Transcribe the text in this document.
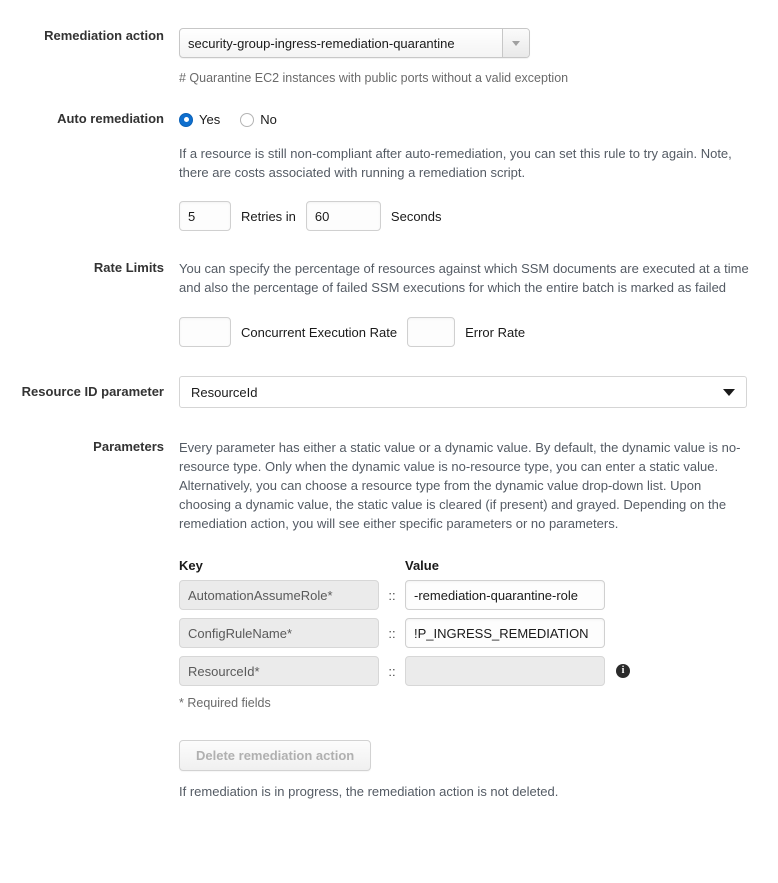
Remediation action	security-group-ingress-remediation-quarantine
# Quarantine EC2 instances with public ports without a valid exception
Auto remediation	Yes	No
If a resource is still non-compliant after auto-remediation, you can set this rule to try again. Note, there are costs associated with running a remediation script.
5	Retries in	60	Seconds
Rate Limits You can specify the percentage of resources against which SSM documents are executed at a time and also the percentage of failed SSM executions for which the entire batch is marked as failed
Concurrent Execution Rate	Error Rate
Resource ID parameter ResourceId
Parameters Every parameter has either a static value or a dynamic value. By default, the dynamic value is no-resource type. Only when the dynamic value is no-resource type, you can enter a static value. Alternatively, you can choose a resource type from the dynamic value drop-down list. Upon choosing a dynamic value, the static value is cleared (if present) and grayed. Depending on the remediation action, you will see either specific parameters or no parameters.
Key	Value
AutomationAssumeRole*	::	-remediation-quarantine-role
ConfigRuleName*	::	!P_INGRESS_REMEDIATION
ResourceId*	::	i
* Required fields
Delete remediation action
If remediation is in progress, the remediation action is not deleted.
